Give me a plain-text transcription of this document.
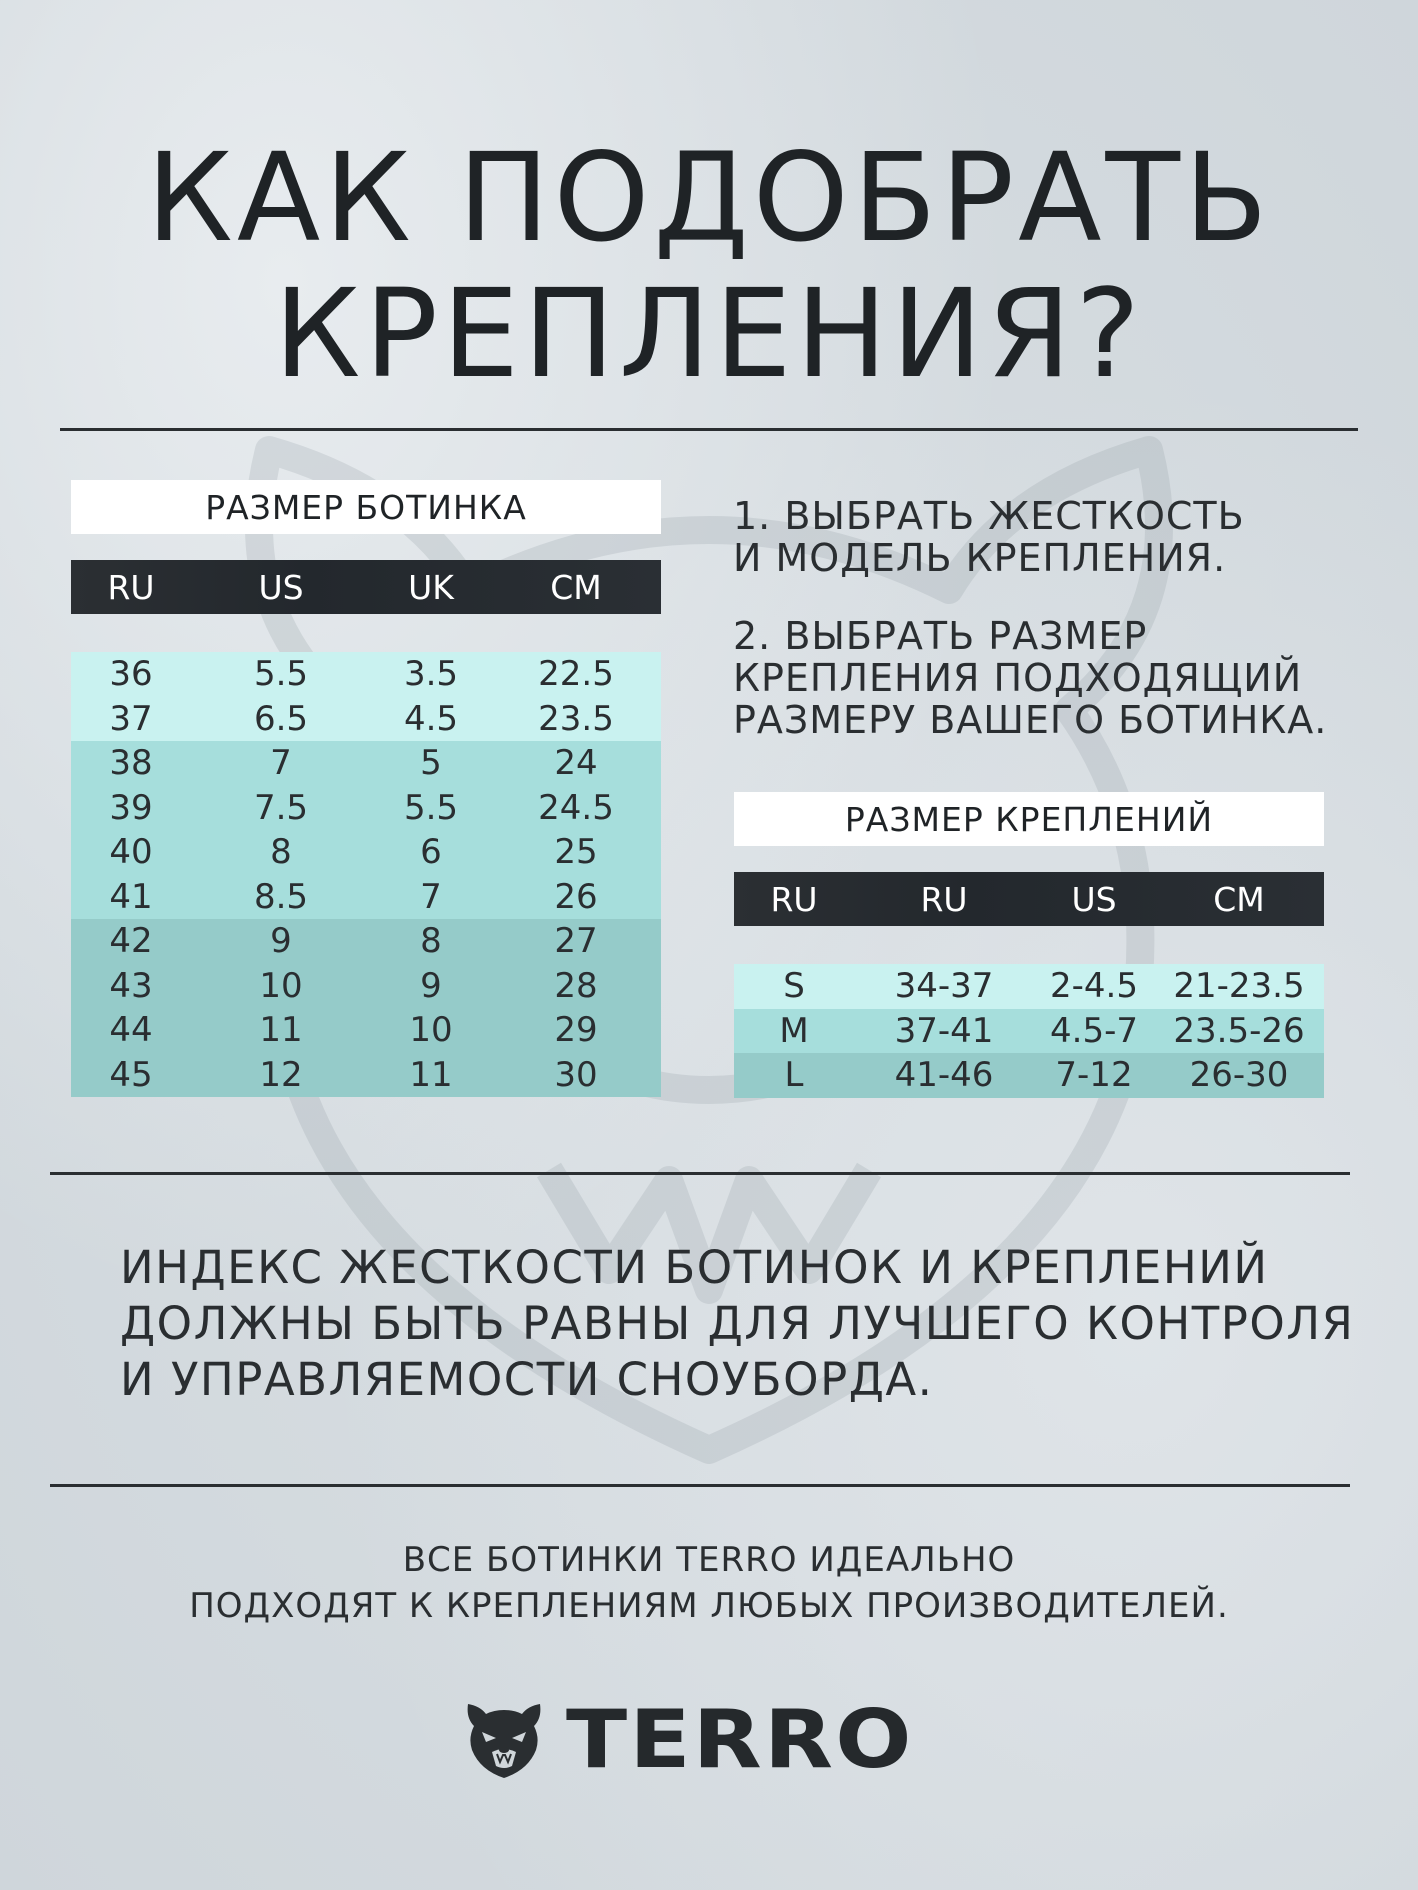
КАК ПОДОБРАТЬ
КРЕПЛЕНИЯ?
РАЗМЕР БОТИНКА
RU	US	UK	CM
36	5.5	3.5	22.5
37	6.5	4.5	23.5
38	7	5	24
39	7.5	5.5	24.5
40	8	6	25
41	8.5	7	26
42	9	8	27
43	10	9	28
44	11	10	29
45	12	11	30

1. ВЫБРАТЬ ЖЕСТКОСТЬ
И МОДЕЛЬ КРЕПЛЕНИЯ.

2. ВЫБРАТЬ РАЗМЕР
КРЕПЛЕНИЯ ПОДХОДЯЩИЙ
РАЗМЕРУ ВАШЕГО БОТИНКА.

РАЗМЕР КРЕПЛЕНИЙ
RU	RU	US	CM
S	34-37	2-4.5	21-23.5
M	37-41	4.5-7	23.5-26
L	41-46	7-12	26-30
ИНДЕКС ЖЕСТКОСТИ БОТИНОК И КРЕПЛЕНИЙ
ДОЛЖНЫ БЫТЬ РАВНЫ ДЛЯ ЛУЧШЕГО КОНТРОЛЯ
И УПРАВЛЯЕМОСТИ СНОУБОРДА.
ВСЕ БОТИНКИ TERRO ИДЕАЛЬНО
ПОДХОДЯТ К КРЕПЛЕНИЯМ ЛЮБЫХ ПРОИЗВОДИТЕЛЕЙ.
TERRO
